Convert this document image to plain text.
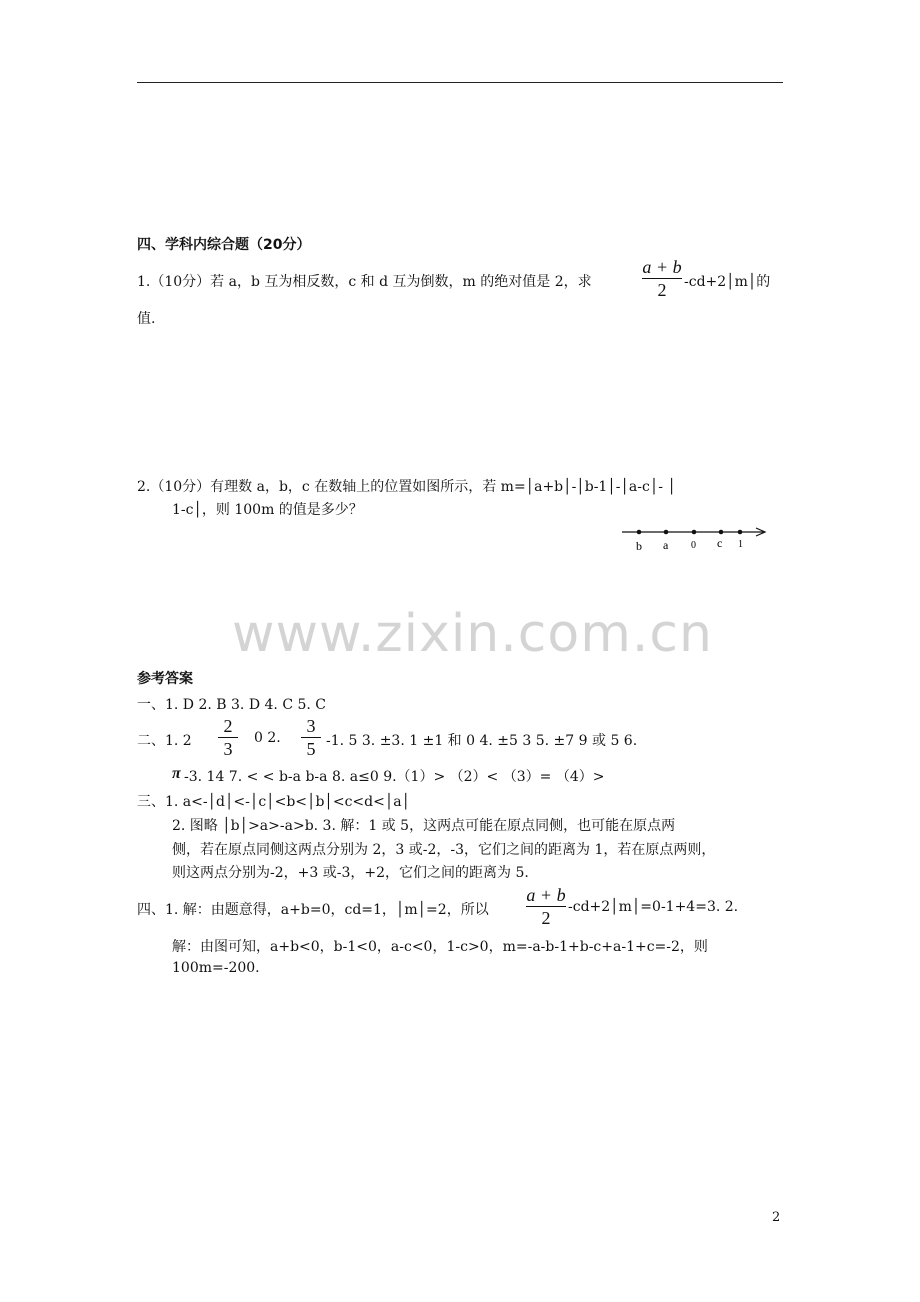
四、学科内综合题（20分）
1.（10分）若 a，b 互为相反数，c 和 d 互为倒数，m 的绝对值是 2，求
a + b
2	-cd+2│m│的
值.
2.（10分）有理数 a，b，c 在数轴上的位置如图所示，若 m=│a+b│-│b-1│-│a-c│- │
1-c│，则 100m 的值是多少？
b a 0 c 1
www.zixin.com.cn
参考答案
一、1. D 2. B 3. D 4. C 5. C
二、1. 2
2
3
0 2.
3
5 -1. 5 3. ±3. 1 ±1 和 0 4. ±5 3 5. ±7 9 或 5 6.
π -3. 14 7. < < b-a b-a 8. a≤0 9.（1）> （2）< （3）= （4）>
三、1. a<-│d│<-│c│<b<│b│<c<d<│a│
2. 图略 │b│>a>-a>b. 3. 解：1 或 5，这两点可能在原点同侧，也可能在原点两
侧，若在原点同侧这两点分别为 2，3 或-2，-3，它们之间的距离为 1，若在原点两则，
则这两点分别为-2，+3 或-3，+2，它们之间的距离为 5.
四、1. 解：由题意得，a+b=0，cd=1，│m│=2，所以
a + b
2
-cd+2│m│=0-1+4=3. 2.
解：由图可知，a+b<0，b-1<0，a-c<0，1-c>0，m=-a-b-1+b-c+a-1+c=-2，则
100m=-200.
2
